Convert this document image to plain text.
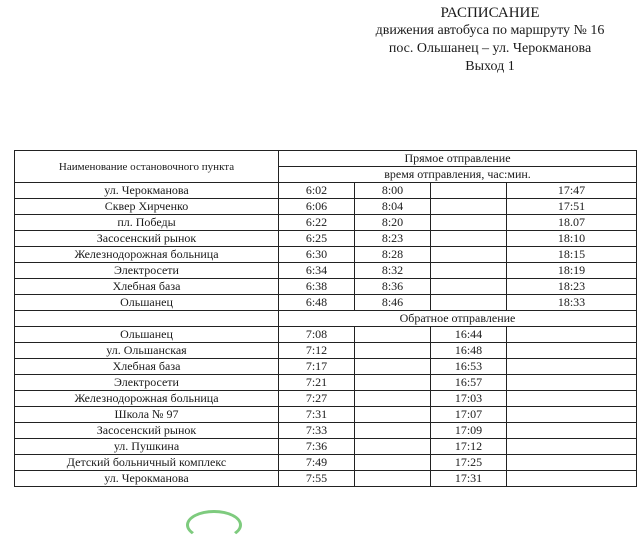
РАСПИСАНИЕ
движения автобуса по маршруту № 16
пос. Ольшанец – ул. Черокманова
Выход 1
Наименование остановочного пункта	Прямое отправление			
	время отправления, час:мин.			
ул. Черокманова	6:02	8:00		17:47
Сквер Хирченко	6:06	8:04		17:51
пл. Победы	6:22	8:20		18.07
Засосенский рынок	6:25	8:23		18:10
Железнодорожная больница	6:30	8:28		18:15
Электросети	6:34	8:32		18:19
Хлебная база	6:38	8:36		18:23
Ольшанец	6:48	8:46		18:33
	Обратное отправление			
Ольшанец	7:08		16:44	
ул. Ольшанская	7:12		16:48	
Хлебная база	7:17		16:53	
Электросети	7:21		16:57	
Железнодорожная больница	7:27		17:03	
Школа № 97	7:31		17:07	
Засосенский рынок	7:33		17:09	
ул. Пушкина	7:36		17:12	
Детский больничный комплекс	7:49		17:25	
ул. Черокманова	7:55		17:31	
